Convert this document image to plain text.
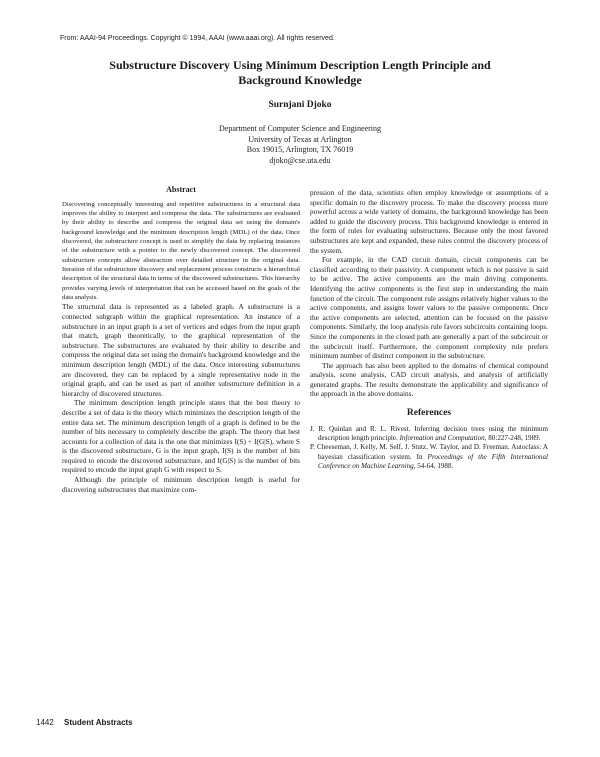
From: AAAI-94 Proceedings. Copyright © 1994, AAAI (www.aaai.org). All rights reserved.
Substructure Discovery Using Minimum Description Length Principle and
Background Knowledge
Surnjani Djoko
Department of Computer Science and Engineering
University of Texas at Arlington
Box 19015, Arlington, TX 76019
djoko@cse.uta.edu
Abstract

Discovering conceptually interesting and repetitive substructures in a structural data improves the ability to interpret and compress the data. The substructures are evaluated by their ability to describe and compress the original data set using the domain's background knowledge and the minimum description length (MDL) of the data. Once discovered, the substructure concept is used to simplify the data by replacing instances of the substructure with a pointer to the newly discovered concept. The discovered substructure concepts allow abstraction over detailed structure in the original data. Iteration of the substructure discovery and replacement process constructs a hierarchical description of the structural data in terms of the discovered substructures. This hierarchy provides varying levels of interpretation that can be accessed based on the goals of the data analysis.

The structural data is represented as a labeled graph. A substructure is a connected subgraph within the graphical representation. An instance of a substructure in an input graph is a set of vertices and edges from the input graph that match, graph theoretically, to the graphical representation of the substructure. The substructures are evaluated by their ability to describe and compress the original data set using the domain's background knowledge and the minimum description length (MDL) of the data. Once interesting substructures are discovered, they can be replaced by a single representative node in the original graph, and can be used as part of another substructure definition in a hierarchy of discovered structures.

The minimum description length principle states that the best theory to describe a set of data is the theory which minimizes the description length of the entire data set. The minimum description length of a graph is defined to be the number of bits necessary to completely describe the graph. The theory that best accounts for a collection of data is the one that minimizes I(S) + I(G|S), where S is the discovered substructure, G is the input graph, I(S) is the number of bits required to encode the discovered substructure, and I(G|S) is the number of bits required to encode the input graph G with respect to S.

Although the principle of minimum description length is useful for discovering substructures that maximize com-

pression of the data, scientists often employ knowledge or assumptions of a specific domain to the discovery process. To make the discovery process more powerful across a wide variety of domains, the background knowledge has been added to guide the discovery process. This background knowledge is entered in the form of rules for evaluating substructures. Because only the most favored substructures are kept and expanded, these rules control the discovery process of the system.

For example, in the CAD circuit domain, circuit components can be classified according to their passivity. A component which is not passive is said to be active. The active components are the main driving components. Identifying the active components is the first step in understanding the main function of the circuit. The component rule assigns relatively higher values to the active components, and assigns lower values to the passive components. Once the active components are selected, attention can be focused on the passive components. Similarly, the loop analysis rule favors subcircuits containing loops. Since the components in the closed path are generally a part of the subcircuit or the subcircuit itself. Furthermore, the component complexity rule prefers minimum number of distinct component in the substructure.

The approach has also been applied to the domains of chemical compound analysis, scene analysis, CAD circuit analysis, and analysis of artificially generated graphs. The results demonstrate the applicability and significance of the approach in the above domains.

References

J. R. Quinlan and R. L. Rivest. Inferring decision trees using the minimum description length principle. Information and Computation, 80:227-248, 1989.

P. Cheeseman, J. Kelly, M. Self, J. Stutz, W. Taylor, and D. Freeman. Autoclass: A bayesian classification system. In Proceedings of the Fifth International Conference on Machine Learning, 54-64, 1988.

1442 Student Abstracts
